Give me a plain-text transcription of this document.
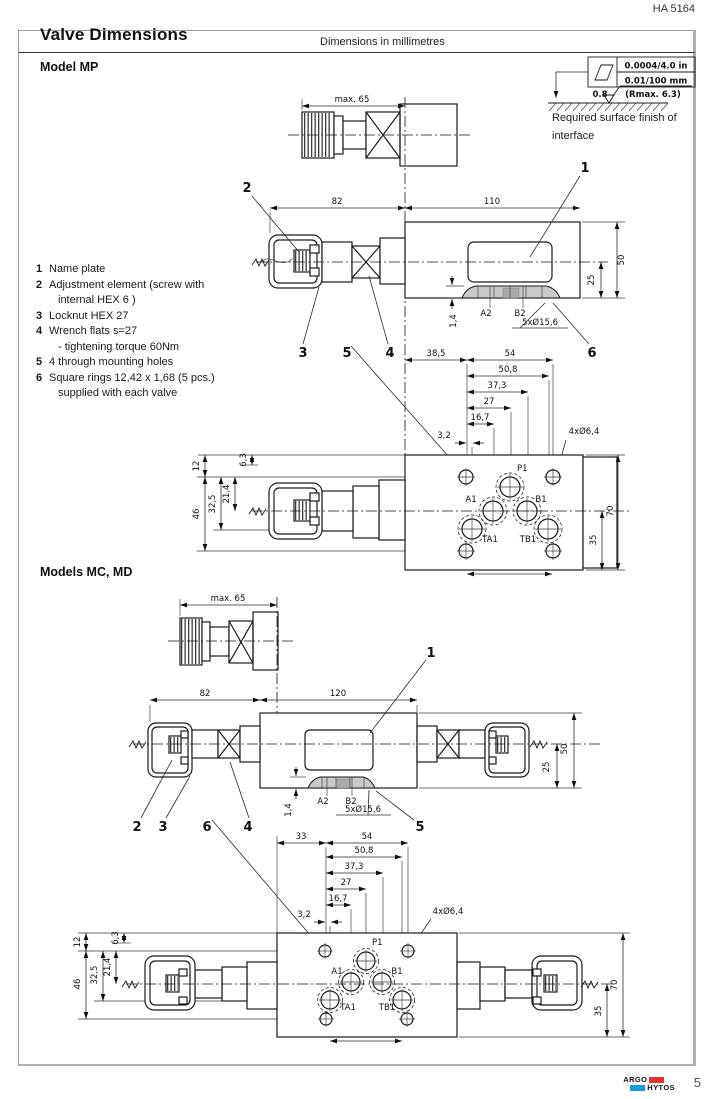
HA 5164
Valve Dimensions	Dimensions in millimetres
Model MP
Models MC, MD
1 Name plate
2 Adjustment element (screw with
internal HEX 6 )
3 Locknut HEX 27
4 Wrench flats s=27
- tightening torque 60Nm
5 4 through mounting holes
6 Square rings 12,42 x 1,68 (5 pcs.)
supplied with each valve
Required surface finish of
interface
0.0004/4.0 in
0.01/100 mm
0.8 (Rmax. 6.3)
max. 65
82	110
A2	B2
1,4	5xØ15,6
50
25
2
1
3	5	4	6
38,5	54
50,8
37,3
27
16,7
3,2	4xØ6,4
12
46
32,5
21,4
6,3
P1
A1	B1
TA1	TB1
70
35
max. 65
82	120
A2 B2
1,4	5xØ15,6
50
25
1
2 3	6 4	5
33	54
50,8
37,3
27
16,7
3,2	4xØ6,4
12
46 32,5 21,4
6,3	P1
A1	B1
TA1	TB1
70
35
ARGO
HYTOS 5
